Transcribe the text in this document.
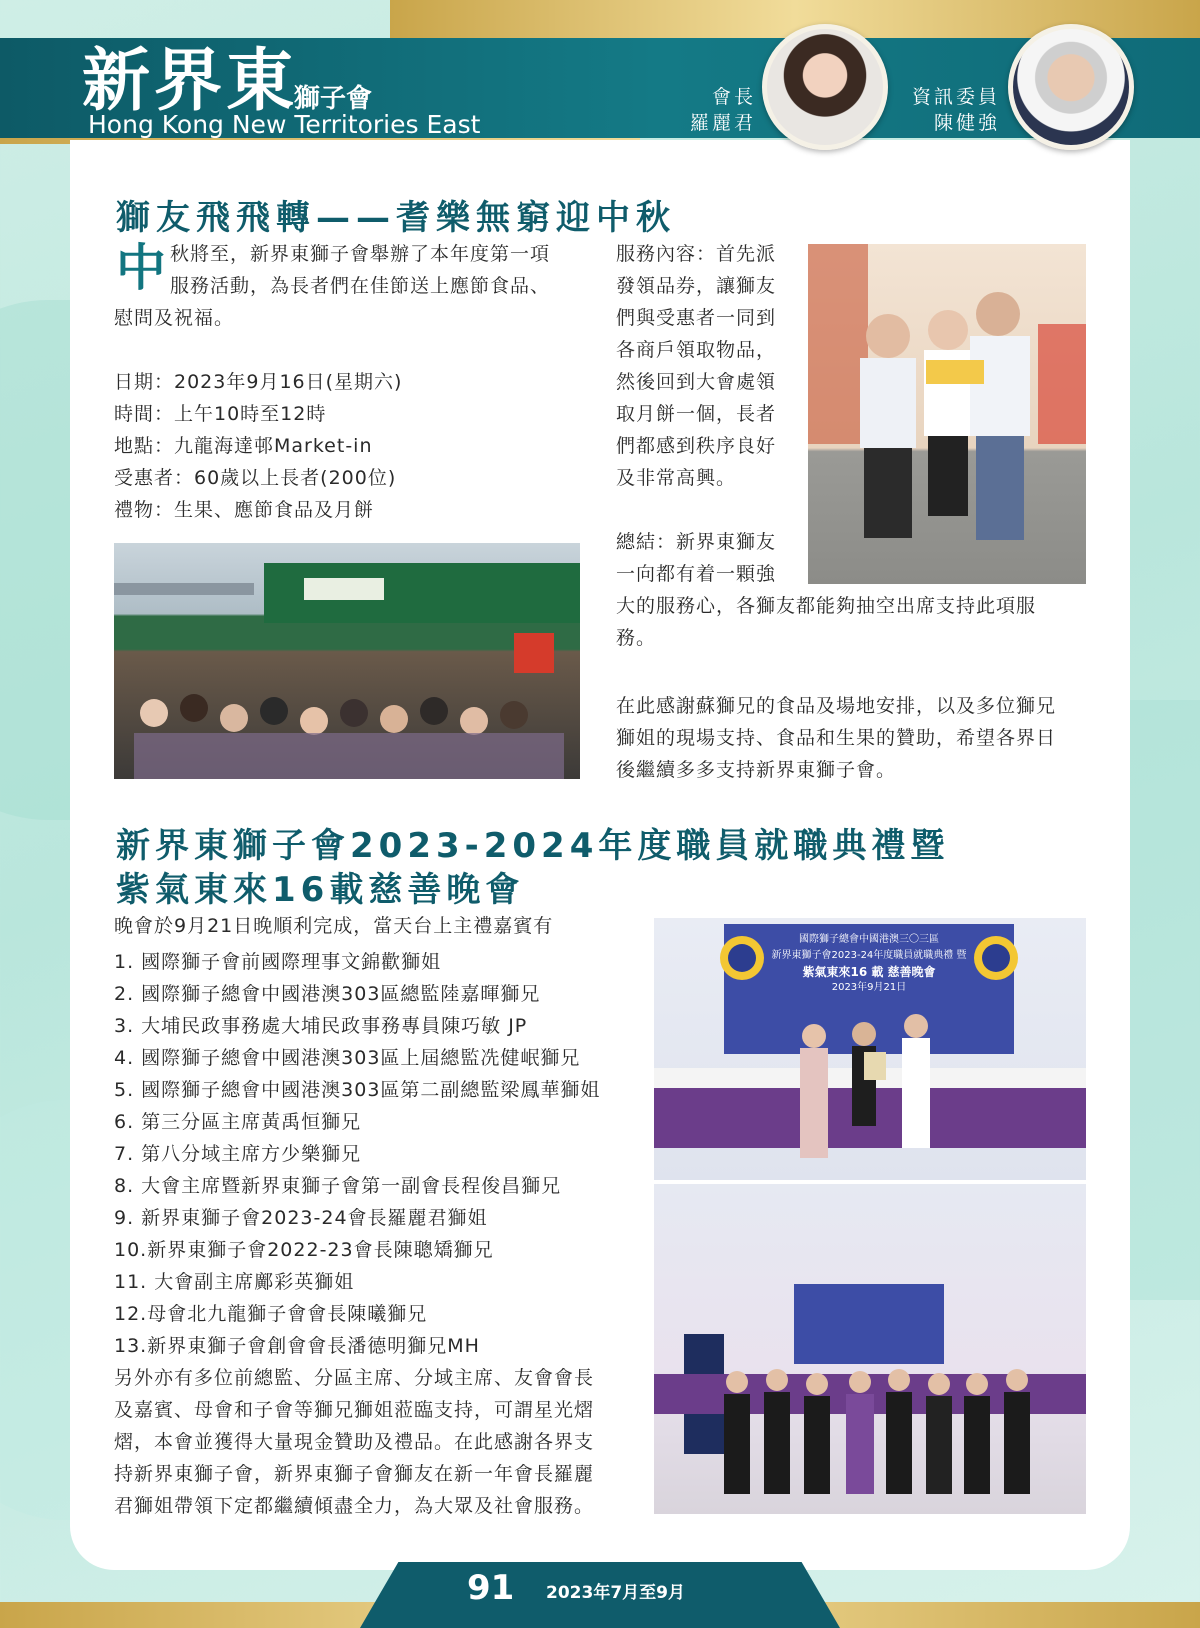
新界東
獅子會
Hong Kong New Territories East
會長
羅麗君
資訊委員
陳健強
獅友飛飛轉——耆樂無窮迎中秋
中 秋將至，新界東獅子會舉辦了本年度第一項
服務活動，為長者們在佳節送上應節食品、
慰問及祝福。
日期：2023年9月16日(星期六)
時間：上午10時至12時
地點：九龍海達邨Market-in
受惠者：60歲以上長者(200位)
禮物：生果、應節食品及月餅
服務內容：首先派
發領品券，讓獅友
們與受惠者一同到
各商戶領取物品，
然後回到大會處領
取月餅一個，長者
們都感到秩序良好
及非常高興。
總結：新界東獅友
一向都有着一顆強
大的服務心，各獅友都能夠抽空出席支持此項服
務。
在此感謝蘇獅兄的食品及場地安排，以及多位獅兄
獅姐的現場支持、食品和生果的贊助，希望各界日
後繼續多多支持新界東獅子會。
新界東獅子會2023-2024年度職員就職典禮暨
紫氣東來16載慈善晚會
晚會於9月21日晚順利完成，當天台上主禮嘉賓有
1. 國際獅子會前國際理事文錦歡獅姐
2. 國際獅子總會中國港澳303區總監陸嘉暉獅兄
3. 大埔民政事務處大埔民政事務專員陳巧敏 JP
4. 國際獅子總會中國港澳303區上屆總監冼健岷獅兄
5. 國際獅子總會中國港澳303區第二副總監梁鳳華獅姐
6. 第三分區主席黃禹恒獅兄
7. 第八分域主席方少樂獅兄
8. 大會主席暨新界東獅子會第一副會長程俊昌獅兄
9. 新界東獅子會2023-24會長羅麗君獅姐
10.新界東獅子會2022-23會長陳聰矯獅兄
11. 大會副主席鄺彩英獅姐
12.母會北九龍獅子會會長陳曦獅兄
13.新界東獅子會創會會長潘德明獅兄MH
另外亦有多位前總監、分區主席、分域主席、友會會長
及嘉賓、母會和子會等獅兄獅姐蒞臨支持，可謂星光熠
熠，本會並獲得大量現金贊助及禮品。在此感謝各界支
持新界東獅子會，新界東獅子會獅友在新一年會長羅麗
君獅姐帶領下定都繼續傾盡全力，為大眾及社會服務。
國際獅子總會中國港澳三〇三區
新界東獅子會2023-24年度職員就職典禮 暨
紫氣東來16 載 慈善晚會
2023年9月21日
91 2023年7月至9月
